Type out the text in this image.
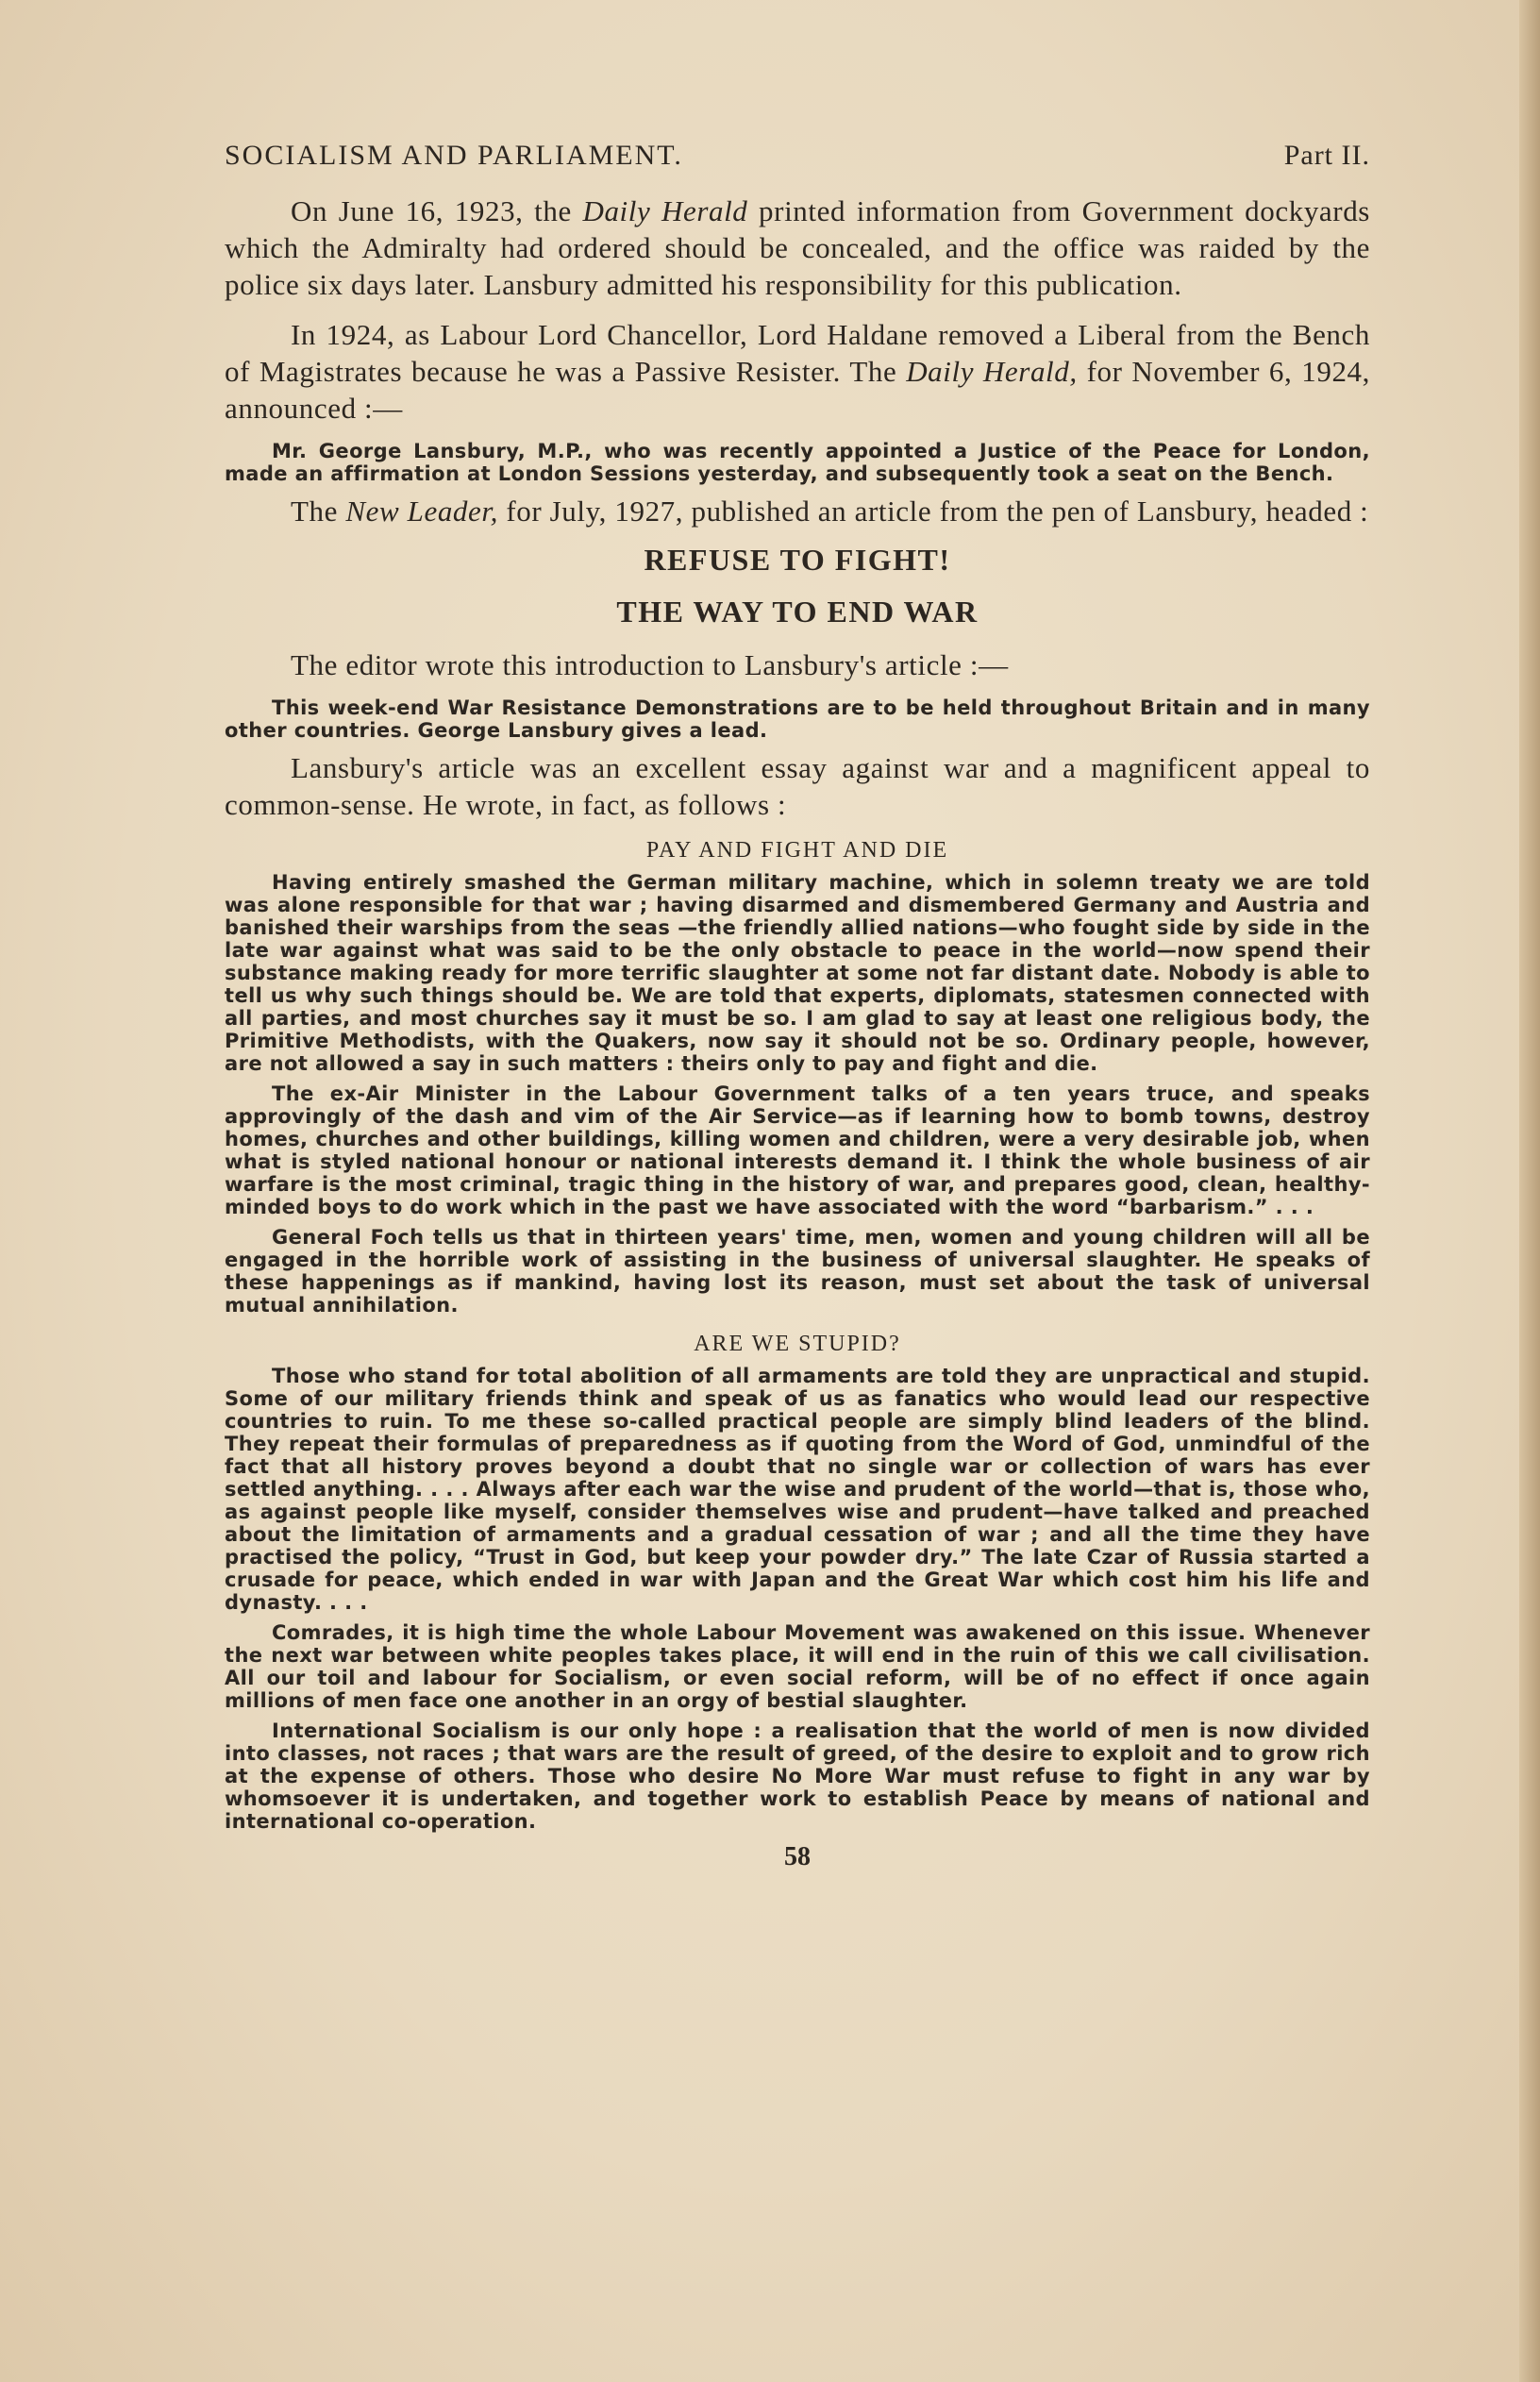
SOCIALISM AND PARLIAMENT.	Part II.

On June 16, 1923, the Daily Herald printed information from Government dockyards which the Admiralty had ordered should be concealed, and the office was raided by the police six days later. Lansbury admitted his responsibility for this publication.

In 1924, as Labour Lord Chancellor, Lord Haldane removed a Liberal from the Bench of Magistrates because he was a Passive Resister. The Daily Herald, for November 6, 1924, announced :—

Mr. George Lansbury, M.P., who was recently appointed a Justice of the Peace for London, made an affirmation at London Sessions yesterday, and subsequently took a seat on the Bench.

The New Leader, for July, 1927, published an article from the pen of Lansbury, headed :

REFUSE TO FIGHT!
THE WAY TO END WAR

The editor wrote this introduction to Lansbury's article :—

This week-end War Resistance Demonstrations are to be held throughout Britain and in many other countries. George Lansbury gives a lead.

Lansbury's article was an excellent essay against war and a magnificent appeal to common-sense. He wrote, in fact, as follows :

PAY AND FIGHT AND DIE

Having entirely smashed the German military machine, which in solemn treaty we are told was alone responsible for that war ; having disarmed and dismembered Germany and Austria and banished their warships from the seas —the friendly allied nations—who fought side by side in the late war against what was said to be the only obstacle to peace in the world—now spend their substance making ready for more terrific slaughter at some not far distant date. Nobody is able to tell us why such things should be. We are told that experts, diplomats, statesmen connected with all parties, and most churches say it must be so. I am glad to say at least one religious body, the Primitive Methodists, with the Quakers, now say it should not be so. Ordinary people, however, are not allowed a say in such matters : theirs only to pay and fight and die.

The ex-Air Minister in the Labour Government talks of a ten years truce, and speaks approvingly of the dash and vim of the Air Service—as if learning how to bomb towns, destroy homes, churches and other buildings, killing women and children, were a very desirable job, when what is styled national honour or national interests demand it. I think the whole business of air warfare is the most criminal, tragic thing in the history of war, and prepares good, clean, healthy-minded boys to do work which in the past we have associated with the word “barbarism.” . . .

General Foch tells us that in thirteen years' time, men, women and young children will all be engaged in the horrible work of assisting in the business of universal slaughter. He speaks of these happenings as if mankind, having lost its reason, must set about the task of universal mutual annihilation.

ARE WE STUPID?

Those who stand for total abolition of all armaments are told they are unpractical and stupid. Some of our military friends think and speak of us as fanatics who would lead our respective countries to ruin. To me these so-called practical people are simply blind leaders of the blind. They repeat their formulas of preparedness as if quoting from the Word of God, unmindful of the fact that all history proves beyond a doubt that no single war or collection of wars has ever settled anything. . . . Always after each war the wise and prudent of the world—that is, those who, as against people like myself, consider themselves wise and prudent—have talked and preached about the limitation of armaments and a gradual cessation of war ; and all the time they have practised the policy, “Trust in God, but keep your powder dry.” The late Czar of Russia started a crusade for peace, which ended in war with Japan and the Great War which cost him his life and dynasty. . . .

Comrades, it is high time the whole Labour Movement was awakened on this issue. Whenever the next war between white peoples takes place, it will end in the ruin of this we call civilisation. All our toil and labour for Socialism, or even social reform, will be of no effect if once again millions of men face one another in an orgy of bestial slaughter.

International Socialism is our only hope : a realisation that the world of men is now divided into classes, not races ; that wars are the result of greed, of the desire to exploit and to grow rich at the expense of others. Those who desire No More War must refuse to fight in any war by whomsoever it is undertaken, and together work to establish Peace by means of national and international co-operation.

58
